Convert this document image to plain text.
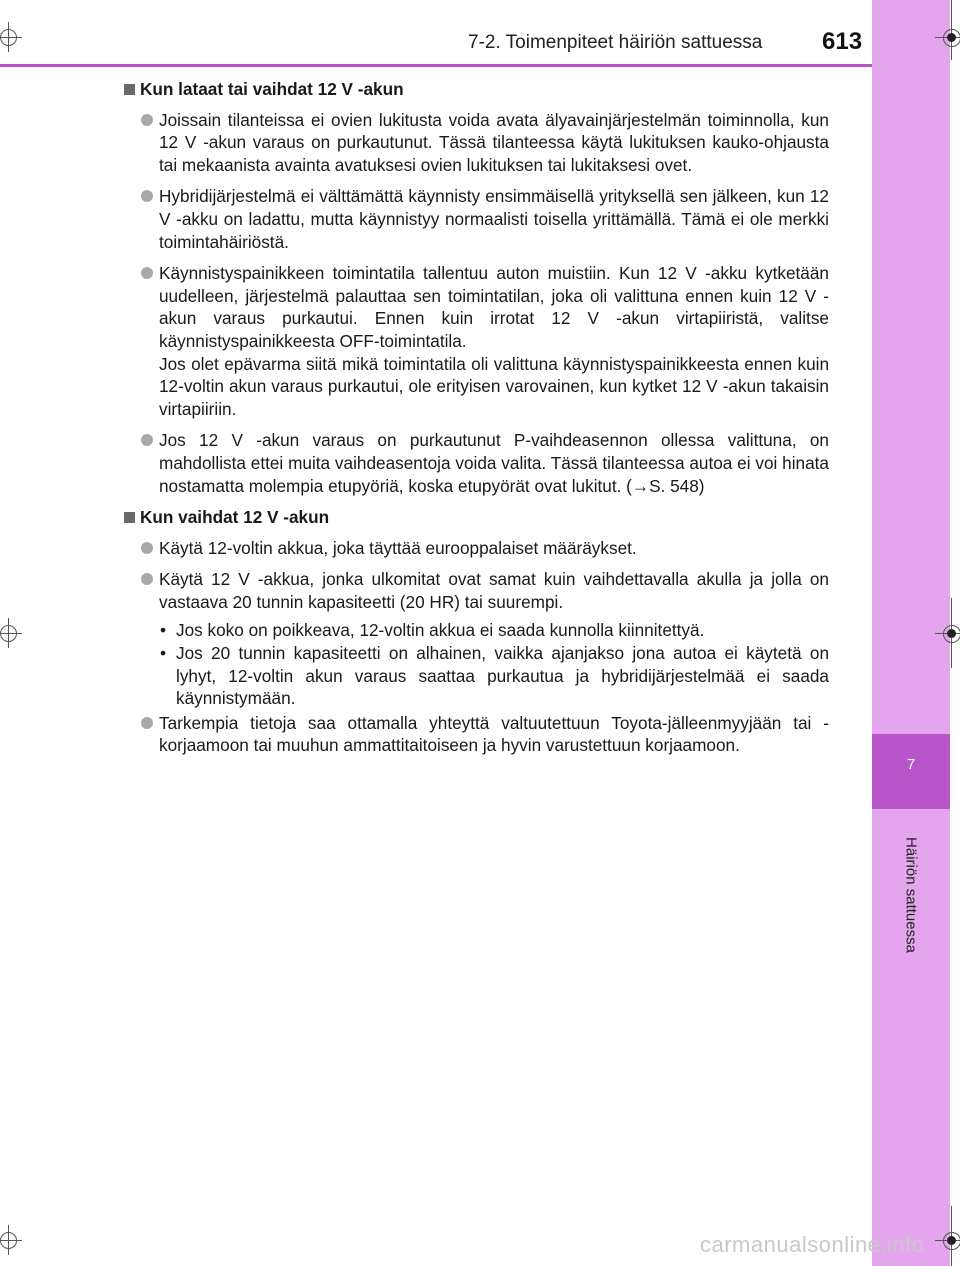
7
Häiriön sattuessa
7-2. Toimenpiteet häiriön sattuessa 613
Kun lataat tai vaihdat 12 V -akun

Joissain tilanteissa ei ovien lukitusta voida avata älyavainjärjestelmän toiminnolla, kun 12 V -akun varaus on purkautunut. Tässä tilanteessa käytä lukituksen kauko-ohjausta tai mekaanista avainta avatuksesi ovien lukituksen tai lukitaksesi ovet.

Hybridijärjestelmä ei välttämättä käynnisty ensimmäisellä yrityksellä sen jälkeen, kun 12 V -akku on ladattu, mutta käynnistyy normaalisti toisella yrittämällä. Tämä ei ole merkki toimintahäiriöstä.

Käynnistyspainikkeen toimintatila tallentuu auton muistiin. Kun 12 V -akku kytketään uudelleen, järjestelmä palauttaa sen toimintatilan, joka oli valittuna ennen kuin 12 V -akun varaus purkautui. Ennen kuin irrotat 12 V -akun virtapiiristä, valitse käynnistyspainikkeesta OFF-toimintatila.

Jos olet epävarma siitä mikä toimintatila oli valittuna käynnistyspainikkeesta ennen kuin 12-voltin akun varaus purkautui, ole erityisen varovainen, kun kytket 12 V -akun takaisin virtapiiriin.

Jos 12 V -akun varaus on purkautunut P-vaihdeasennon ollessa valittuna, on mahdollista ettei muita vaihdeasentoja voida valita. Tässä tilanteessa autoa ei voi hinata nostamatta molempia etupyöriä, koska etupyörät ovat lukitut. (→S. 548)

Kun vaihdat 12 V -akun

Käytä 12-voltin akkua, joka täyttää eurooppalaiset määräykset.

Käytä 12 V -akkua, jonka ulkomitat ovat samat kuin vaihdettavalla akulla ja jolla on vastaava 20 tunnin kapasiteetti (20 HR) tai suurempi.

• Jos koko on poikkeava, 12-voltin akkua ei saada kunnolla kiinnitettyä.
• Jos 20 tunnin kapasiteetti on alhainen, vaikka ajanjakso jona autoa ei käytetä on lyhyt, 12-voltin akun varaus saattaa purkautua ja hybridijärjestelmää ei saada käynnistymään.

Tarkempia tietoja saa ottamalla yhteyttä valtuutettuun Toyota-jälleenmyyjään tai -korjaamoon tai muuhun ammattitaitoiseen ja hyvin varustettuun korjaamoon.

carmanualsonline.info
